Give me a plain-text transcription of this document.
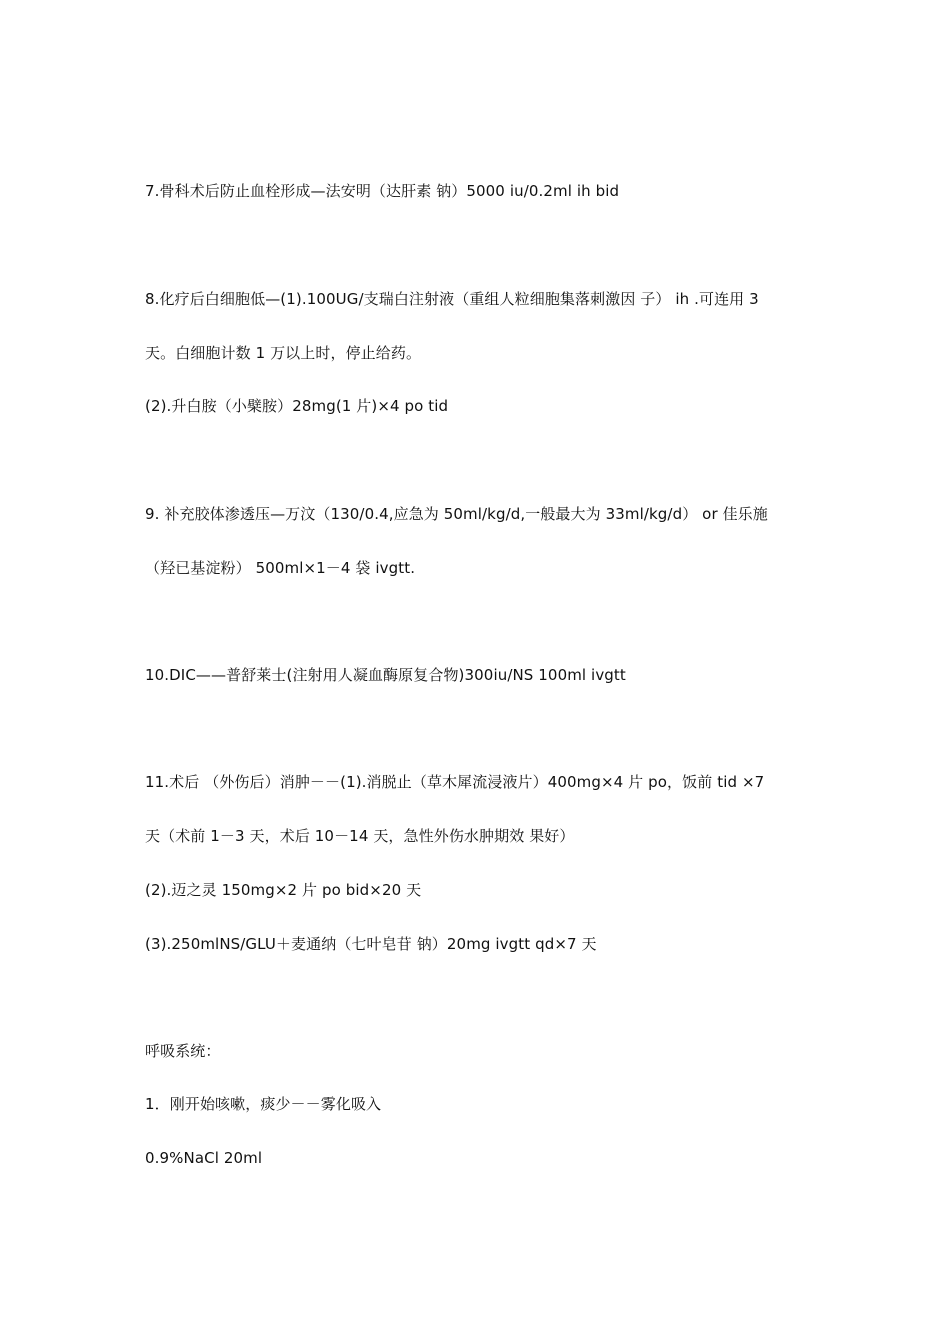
7.骨科术后防止血栓形成—法安明（达肝素 钠）5000 iu/0.2ml ih bid
8.化疗后白细胞低—(1).100UG/支瑞白注射液（重组人粒细胞集落刺激因 子） ih .可连用 3
天。白细胞计数 1 万以上时，停止给药。
(2).升白胺（小檗胺）28mg(1 片)×4 po tid
9. 补充胶体渗透压—万汶（130/0.4,应急为 50ml/kg/d,一般最大为 33ml/kg/d） or 佳乐施
（羟已基淀粉） 500ml×1－4 袋 ivgtt.
10.DIC——普舒莱士(注射用人凝血酶原复合物)300iu/NS 100ml ivgtt
11.术后 （外伤后）消肿－－(1).消脱止（草木犀流浸液片）400mg×4 片 po，饭前 tid ×7
天（术前 1－3 天，术后 10－14 天，急性外伤水肿期效 果好）
(2).迈之灵 150mg×2 片 po bid×20 天
(3).250mlNS/GLU＋麦通纳（七叶皂苷 钠）20mg ivgtt qd×7 天
呼吸系统：
1．刚开始咳嗽，痰少－－雾化吸入
0.9%NaCl 20ml
